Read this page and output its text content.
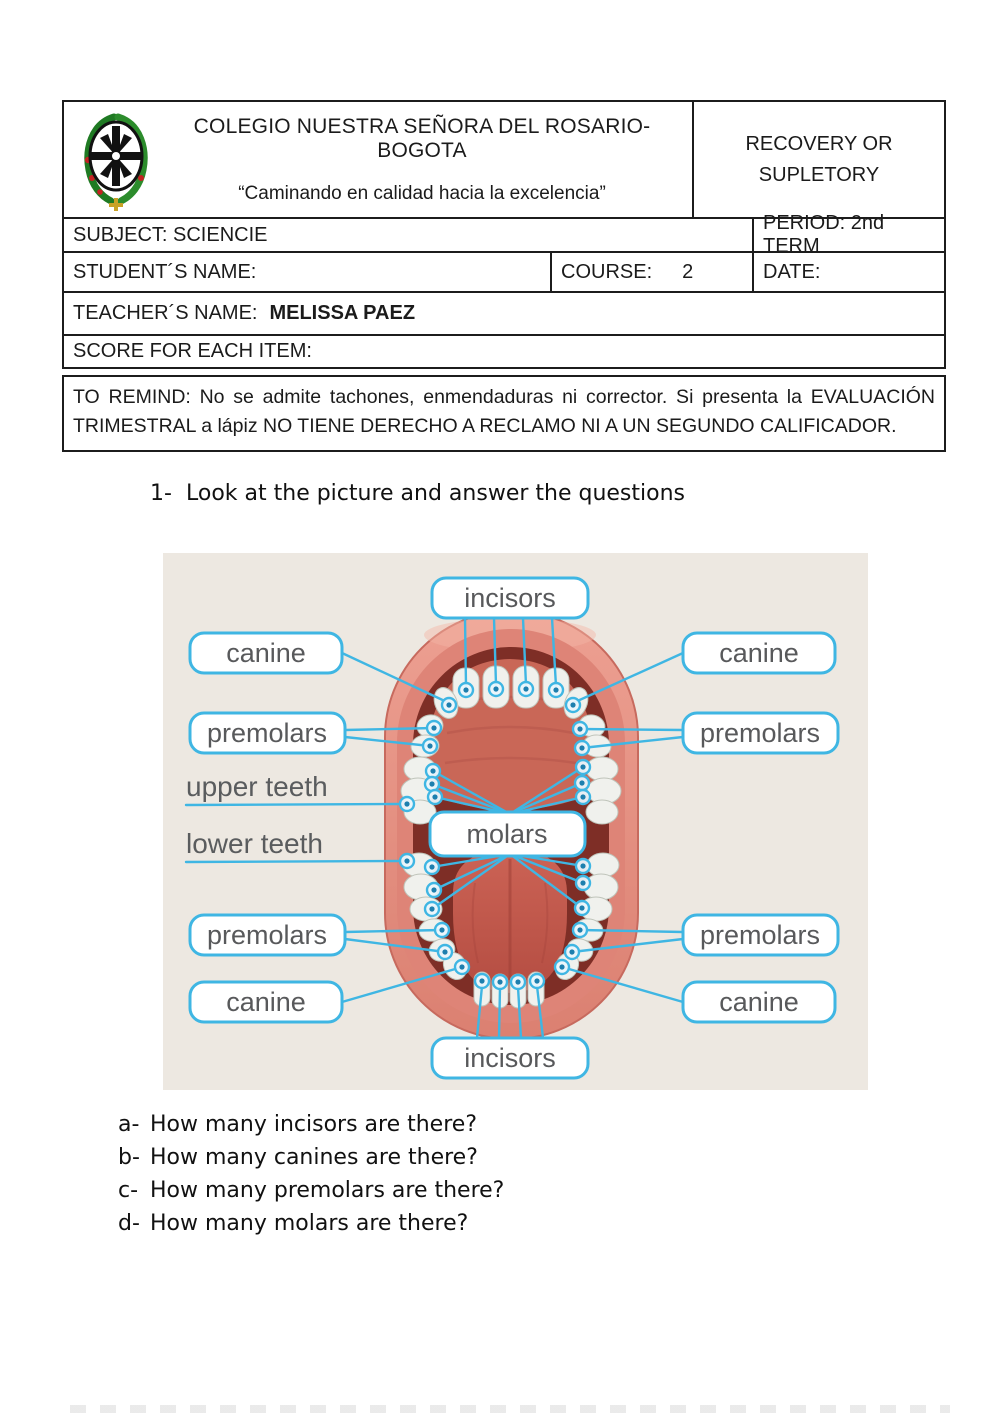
COLEGIO NUESTRA SEÑORA DEL ROSARIO-BOGOTA
“Caminando en calidad hacia la excelencia”
RECOVERY OR SUPLETORY
SUBJECT: SCIENCIE
PERIOD: 2nd TERM
STUDENT´S NAME:	COURSE: 2	DATE:
TEACHER´S NAME: MELISSA PAEZ
SCORE FOR EACH ITEM:
TO REMIND: No se admite tachones, enmendaduras ni corrector. Si presenta la EVALUACIÓN TRIMESTRAL a lápiz NO TIENE DERECHO A RECLAMO NI A UN SEGUNDO CALIFICADOR.
1- Look at the picture and answer the questions
incisors
canine	canine
premolars	premolars
upper teeth
molars
lower teeth
premolars	premolars
canine	canine
incisors
a- How many incisors are there?
b- How many canines are there?
c- How many premolars are there?
d- How many molars are there?
